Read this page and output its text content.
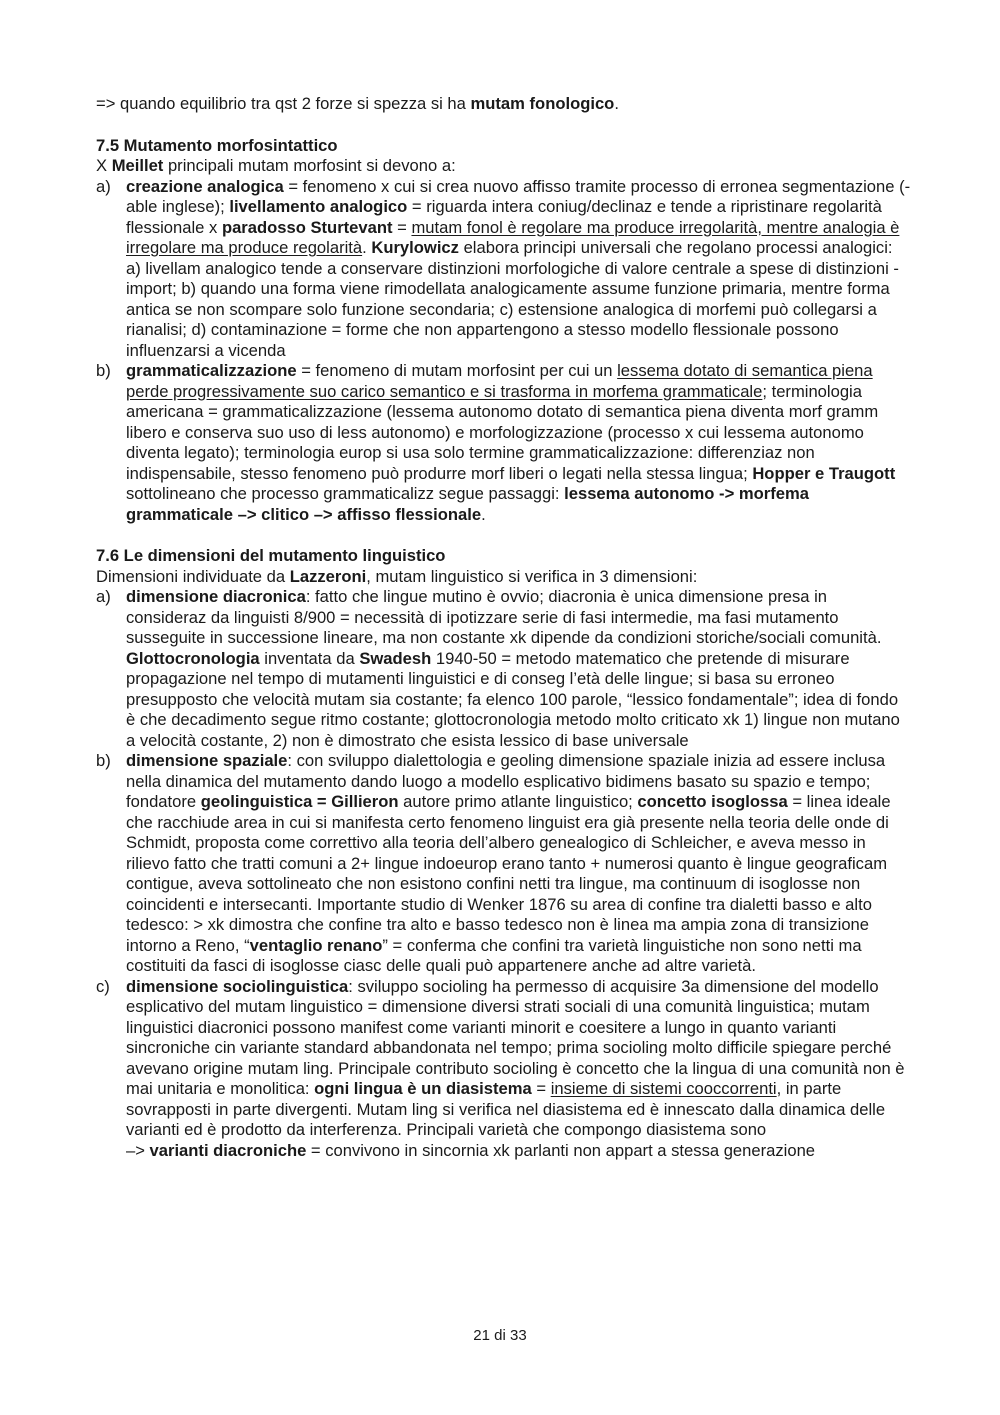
=> quando equilibrio tra qst 2 forze si spezza si ha mutam fonologico.

7.5 Mutamento morfosintattico

X Meillet principali mutam morfosint si devono a:

a) creazione analogica = fenomeno x cui si crea nuovo affisso tramite processo di erronea segmentazione (-able inglese); livellamento analogico = riguarda intera coniug/declinaz e tende a ripristinare regolarità flessionale x paradosso Sturtevant = mutam fonol è regolare ma produce irregolarità, mentre analogia è irregolare ma produce regolarità. Kurylowicz elabora principi universali che regolano processi analogici: a) livellam analogico tende a conservare distinzioni morfologiche di valore centrale a spese di distinzioni - import; b) quando una forma viene rimodellata analogicamente assume funzione primaria, mentre forma antica se non scompare solo funzione secondaria; c) estensione analogica di morfemi può collegarsi a rianalisi; d) contaminazione = forme che non appartengono a stesso modello flessionale possono influenzarsi a vicenda
b) grammaticalizzazione = fenomeno di mutam morfosint per cui un lessema dotato di semantica piena perde progressivamente suo carico semantico e si trasforma in morfema grammaticale; terminologia americana = grammaticalizzazione (lessema autonomo dotato di semantica piena diventa morf gramm libero e conserva suo uso di less autonomo) e morfologizzazione (processo x cui lessema autonomo diventa legato); terminologia europ si usa solo termine grammaticalizzazione: differenziaz non indispensabile, stesso fenomeno può produrre morf liberi o legati nella stessa lingua; Hopper e Traugott sottolineano che processo grammaticalizz segue passaggi: lessema autonomo -> morfema grammaticale –> clitico –> affisso flessionale.

7.6 Le dimensioni del mutamento linguistico

Dimensioni individuate da Lazzeroni, mutam linguistico si verifica in 3 dimensioni:

a) dimensione diacronica: fatto che lingue mutino è ovvio; diacronia è unica dimensione presa in consideraz da linguisti 8/900 = necessità di ipotizzare serie di fasi intermedie, ma fasi mutamento susseguite in successione lineare, ma non costante xk dipende da condizioni storiche/sociali comunità. Glottocronologia inventata da Swadesh 1940-50 = metodo matematico che pretende di misurare propagazione nel tempo di mutamenti linguistici e di conseg l’età delle lingue; si basa su erroneo presupposto che velocità mutam sia costante; fa elenco 100 parole, “lessico fondamentale”; idea di fondo è che decadimento segue ritmo costante; glottocronologia metodo molto criticato xk 1) lingue non mutano a velocità costante, 2) non è dimostrato che esista lessico di base universale
b) dimensione spaziale: con sviluppo dialettologia e geoling dimensione spaziale inizia ad essere inclusa nella dinamica del mutamento dando luogo a modello esplicativo bidimens basato su spazio e tempo; fondatore geolinguistica = Gillieron autore primo atlante linguistico; concetto isoglossa = linea ideale che racchiude area in cui si manifesta certo fenomeno linguist era già presente nella teoria delle onde di Schmidt, proposta come correttivo alla teoria dell’albero genealogico di Schleicher, e aveva messo in rilievo fatto che tratti comuni a 2+ lingue indoeurop erano tanto + numerosi quanto è lingue geograficam contigue, aveva sottolineato che non esistono confini netti tra lingue, ma continuum di isoglosse non coincidenti e intersecanti. Importante studio di Wenker 1876 su area di confine tra dialetti basso e alto tedesco: > xk dimostra che confine tra alto e basso tedesco non è linea ma ampia zona di transizione intorno a Reno, “ventaglio renano” = conferma che confini tra varietà linguistiche non sono netti ma costituiti da fasci di isoglosse ciasc delle quali può appartenere anche ad altre varietà.
c) dimensione sociolinguistica: sviluppo socioling ha permesso di acquisire 3a dimensione del modello esplicativo del mutam linguistico = dimensione diversi strati sociali di una comunità linguistica; mutam linguistici diacronici possono manifest come varianti minorit e coesitere a lungo in quanto varianti sincroniche cin variante standard abbandonata nel tempo; prima socioling molto difficile spiegare perché avevano origine mutam ling. Principale contributo socioling è concetto che la lingua di una comunità non è mai unitaria e monolitica: ogni lingua è un diasistema = insieme di sistemi cooccorrenti, in parte sovrapposti in parte divergenti. Mutam ling si verifica nel diasistema ed è innescato dalla dinamica delle varianti ed è prodotto da interferenza. Principali varietà che compongo diasistema sono

–> varianti diacroniche = convivono in sincornia xk parlanti non appart a stessa generazione

21 di 33
